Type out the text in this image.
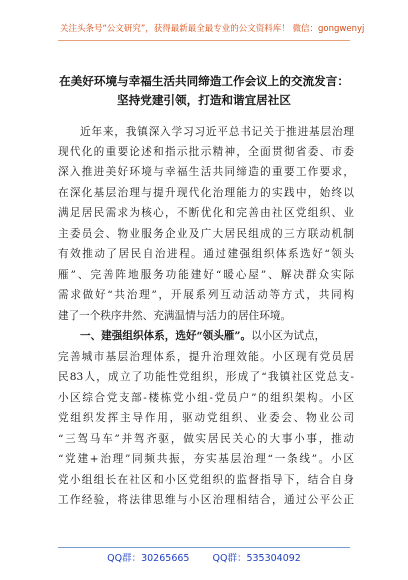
关注头条号“公文研究”，获得最新最全最专业的公文资料库！ 微信：gongwenyj
在美好环境与幸福生活共同缔造工作会议上的交流发言：
坚持党建引领，打造和谐宜居社区
近年来，我镇深入学习习近平总书记关于推进基层治理
现代化的重要论述和指示批示精神，全面贯彻省委、市委
深入推进美好环境与幸福生活共同缔造的重要工作要求，
在深化基层治理与提升现代化治理能力的实践中，始终以
满足居民需求为核心，不断优化和完善由社区党组织、业
主委员会、物业服务企业及广大居民组成的三方联动机制
有效推动了居民自治进程。通过建强组织体系选好“领头
雁”、完善阵地服务功能建好“暖心屋”、解决群众实际
需求做好“共治理”，开展系列互动活动等方式，共同构
建了一个秩序井然、充满温情与活力的居住环境。
一、建强组织体系，选好“领头雁”。以小区为试点，
完善城市基层治理体系，提升治理效能。小区现有党员居
民83人，成立了功能性党组织，形成了“我镇社区党总支-
小区综合党支部-楼栋党小组-党员户”的组织架构。小区
党组织发挥主导作用，驱动党组织、业委会、物业公司
“三驾马车”并驾齐驱，做实居民关心的大事小事，推动
“党建+治理”同频共振，夯实基层治理“一条线”。小区
党小组组长在社区和小区党组织的监督指导下，结合自身
工作经验，将法律思维与小区治理相结合，通过公平公正
QQ群：30265665 QQ群：535304092
